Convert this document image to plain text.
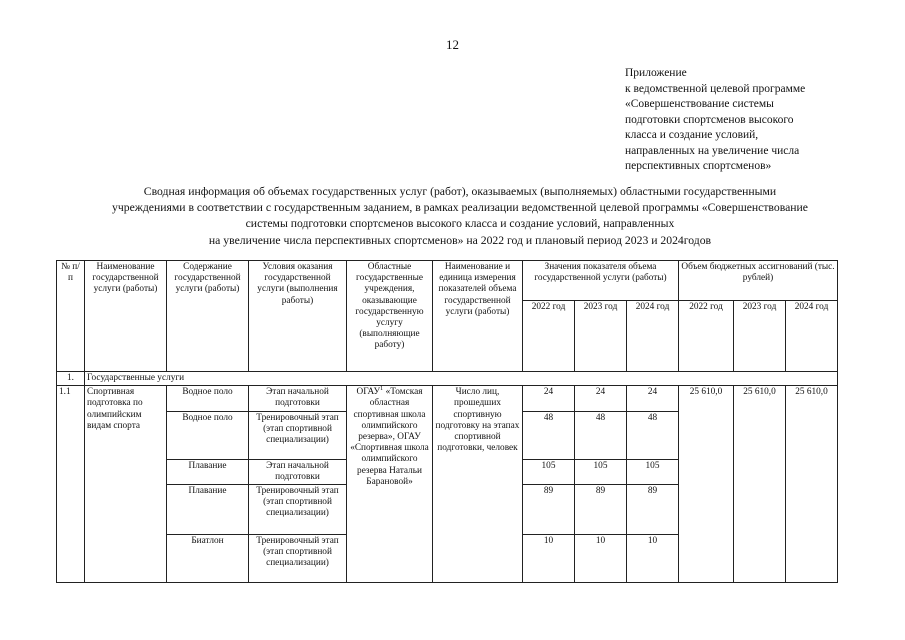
12
Приложение
к ведомственной целевой программе
«Совершенствование системы
подготовки спортсменов высокого
класса и создание условий,
направленных на увеличение числа
перспективных спортсменов»
Сводная информация об объемах государственных услуг (работ), оказываемых (выполняемых) областными государственными
учреждениями в соответствии с государственным заданием, в рамках реализации ведомственной целевой программы «Совершенствование
системы подготовки спортсменов высокого класса и создание условий, направленных
на увеличение числа перспективных спортсменов» на 2022 год и плановый период 2023 и 2024годов
№ п/п	Наименование государственной услуги (работы)	Содержание государственной услуги (работы)	Условия оказания государственной услуги (выполнения работы)	Областные государственные учреждения, оказывающие государственную услугу (выполняющие работу)	Наименование и единица измерения показателей объема государственной услуги (работы)	Значения показателя объема государственной услуги (работы)			Объем бюджетных ассигнований (тыс. рублей)		
						2022 год	2023 год	2024 год	2022 год	2023 год	2024 год
1.	Государственные услуги										
1.1	Спортивная подготовка по олимпийским видам спорта	Водное поло	Этап начальной подготовки	ОГАУ$^1$ «Томская областная спортивная школа олимпийского резерва», ОГАУ «Спортивная школа олимпийского резерва Натальи Барановой»	Число лиц, прошедших спортивную подготовку на этапах спортивной подготовки, человек	24	24	24	25 610,0	25 610,0	25 610,0
		Водное поло	Тренировочный этап (этап спортивной специализации)			48	48	48			
		Плавание	Этап начальной подготовки			105	105	105			
		Плавание	Тренировочный этап (этап спортивной специализации)			89	89	89			
		Биатлон	Тренировочный этап (этап спортивной специализации)			10	10	10			
